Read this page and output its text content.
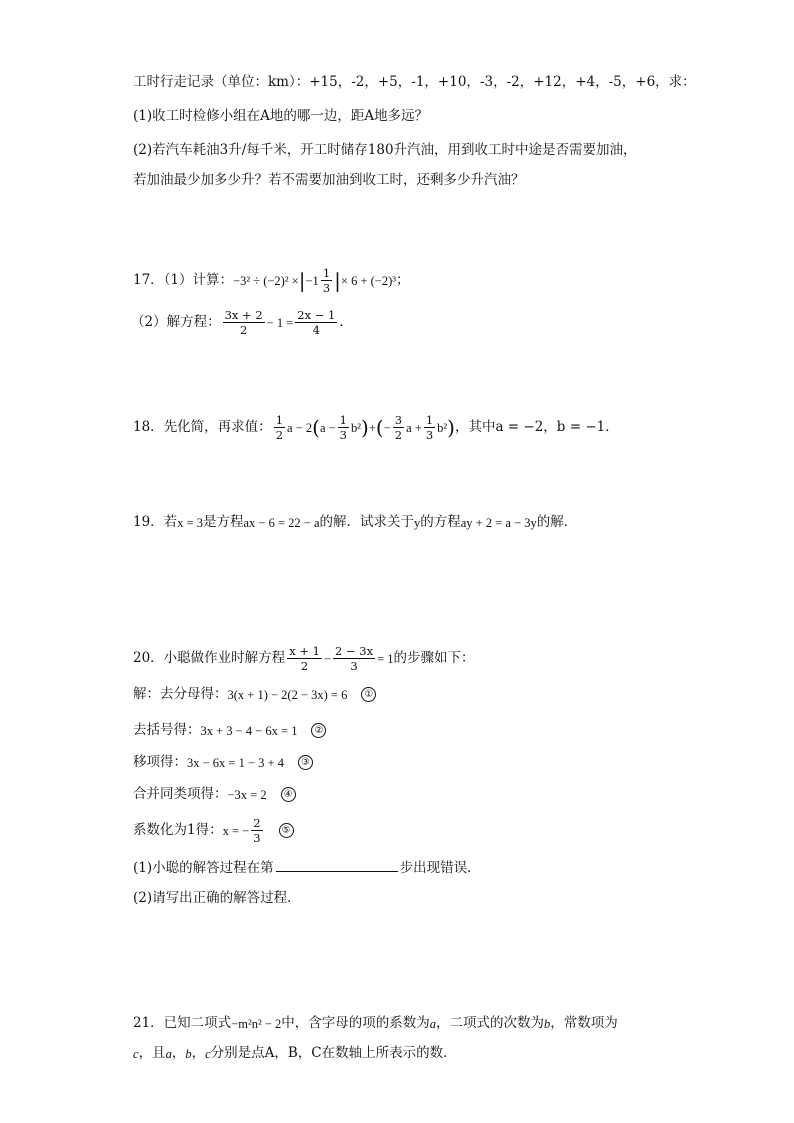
工时行走记录（单位：km）：+15，-2，+5，-1，+10，-3，-2，+12，+4，-5，+6，求：
(1)收工时检修小组在A地的哪一边，距A地多远？
(2)若汽车耗油3升/每千米，开工时储存180升汽油，用到收工时中途是否需要加油，
若加油最少加多少升？若不需要加油到收工时，还剩多少升汽油？
17．（1）计算：$-3^2 \div (-2)^2 \times|-1 \frac{1}{3}$ |× 6 + (−2)³；
（2）解方程： $\frac{3x + 2}{2} - 1 = \frac{2x - 1}{4}$ ．
18．先化简，再求值： $\frac{1}{2}$ $a - 2(a - \frac{1}{3} b^2)+(- \frac{3}{2}$ $a + \frac{1}{3} b^2$)，其中a = −2，b = −1．
19．若x = 3是方程ax − 6 = 22 − a的解．试求关于y的方程ay + 2 = a − 3y的解．
20．小聪做作业时解方程 $\frac{x + 1}{2} - \frac{2 - 3x}{3} = 1$的步骤如下：
解：去分母得：3(x + 1) − 2(2 − 3x) = 6 ①
去括号得：3x + 3 − 4 − 6x = 1 ②
移项得：3x − 6x = 1 − 3 + 4 ③
合并同类项得：−3x = 2 ④
系数化为1得：x = − $\frac{2}{3}$ ⑤
(1)小聪的解答过程在第	步出现错误．
(2)请写出正确的解答过程．
21．已知二项式−m²n² − 2中，含字母的项的系数为a，二项式的次数为b，常数项为
c，且a，b，c分别是点A，B，C在数轴上所表示的数．
